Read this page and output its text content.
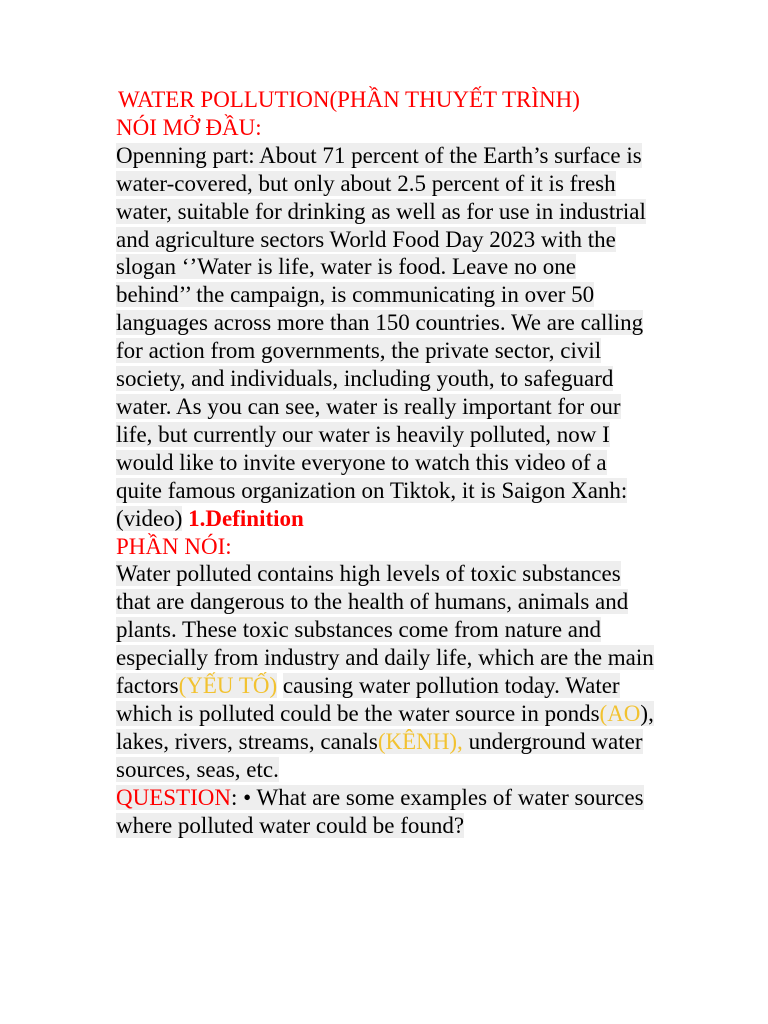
WATER POLLUTION(PHẦN THUYẾT TRÌNH)
NÓI MỞ ĐẦU:

Openning part: About 71 percent of the Earth’s surface is water-covered, but only about 2.5 percent of it is fresh water, suitable for drinking as well as for use in industrial and agriculture sectors World Food Day 2023 with the slogan ‘’Water is life, water is food. Leave no one behind’’ the campaign, is communicating in over 50 languages across more than 150 countries. We are calling for action from governments, the private sector, civil society, and individuals, including youth, to safeguard water. As you can see, water is really important for our life, but currently our water is heavily polluted, now I would like to invite everyone to watch this video of a quite famous organization on Tiktok, it is Saigon Xanh: (video) 1.Definition

PHẦN NÓI:

Water polluted contains high levels of toxic substances that are dangerous to the health of humans, animals and plants. These toxic substances come from nature and especially from industry and daily life, which are the main factors(YẾU TỐ) causing water pollution today. Water which is polluted could be the water source in ponds(AO),
lakes, rivers, streams, canals(KÊNH), underground water sources, seas, etc.

QUESTION: • What are some examples of water sources where polluted water could be found?
